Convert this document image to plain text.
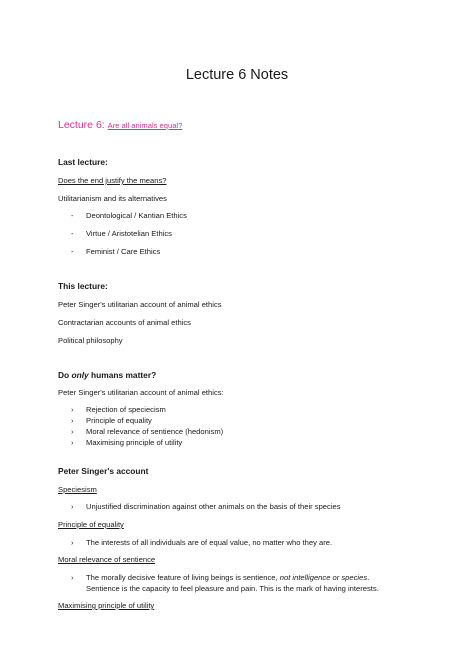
Lecture 6 Notes
Lecture 6: Are all animals equal?
Last lecture:
Does the end justify the means?
Utilitarianism and its alternatives
- Deontological / Kantian Ethics
- Virtue / Aristotelian Ethics
- Feminist / Care Ethics
This lecture:
Peter Singer's utilitarian account of animal ethics
Contractarian accounts of animal ethics
Political philosophy
Do only humans matter?
Peter Singer's utilitarian account of animal ethics:
› Rejection of speciecism
› Principle of equality
› Moral relevance of sentience (hedonism)
› Maximising principle of utility
Peter Singer's account
Speciesism
› Unjustified discrimination against other animals on the basis of their species
Principle of equality
› The interests of all individuals are of equal value, no matter who they are.
Moral relevance of sentience
› The morally decisive feature of living beings is sentience, not intelligence or species.
Sentience is the capacity to feel pleasure and pain. This is the mark of having interests.
Maximising principle of utility
